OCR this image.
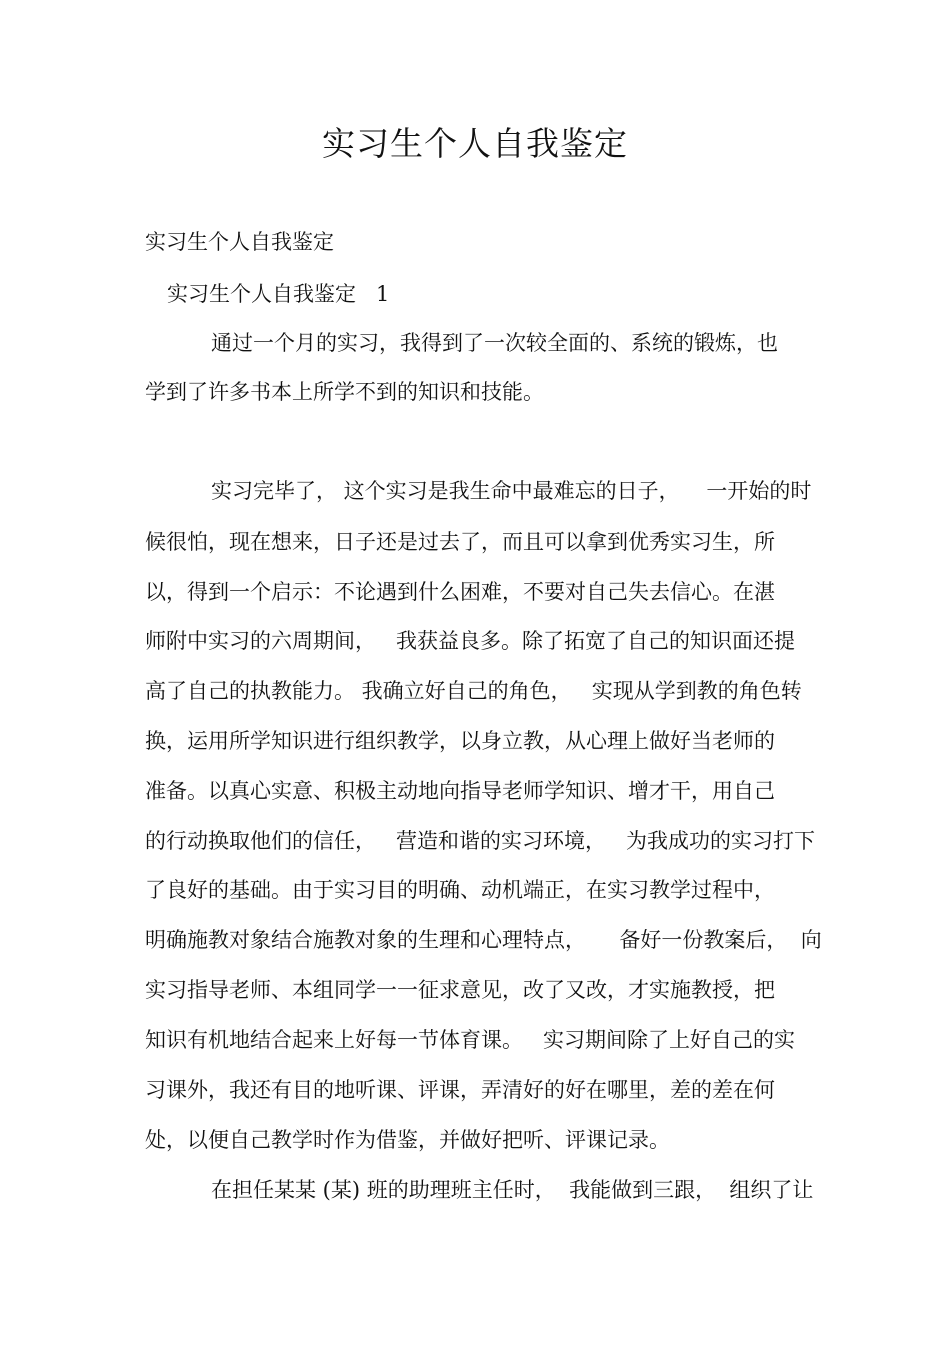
实习生个人自我鉴定

实习生个人自我鉴定

实习生个人自我鉴定   1

通过一个月的实习，我得到了一次较全面的、系统的锻炼，也

学到了许多书本上所学不到的知识和技能。

实习完毕了， 这个实习是我生命中最难忘的日子，    一开始的时

候很怕，现在想来，日子还是过去了，而且可以拿到优秀实习生，所

以，得到一个启示：不论遇到什么困难，不要对自己失去信心。在湛

师附中实习的六周期间，   我获益良多。除了拓宽了自己的知识面还提

高了自己的执教能力。 我确立好自己的角色，   实现从学到教的角色转

换，运用所学知识进行组织教学，以身立教，从心理上做好当老师的

准备。以真心实意、积极主动地向指导老师学知识、增才干，用自己

的行动换取他们的信任，   营造和谐的实习环境，   为我成功的实习打下

了良好的基础。由于实习目的明确、动机端正，在实习教学过程中，

明确施教对象结合施教对象的生理和心理特点，     备好一份教案后，  向

实习指导老师、本组同学一一征求意见，改了又改，才实施教授，把

知识有机地结合起来上好每一节体育课。   实习期间除了上好自己的实

习课外，我还有目的地听课、评课，弄清好的好在哪里，差的差在何

处，以便自己教学时作为借鉴，并做好把听、评课记录。

在担任某某 (某) 班的助理班主任时，  我能做到三跟，  组织了让
